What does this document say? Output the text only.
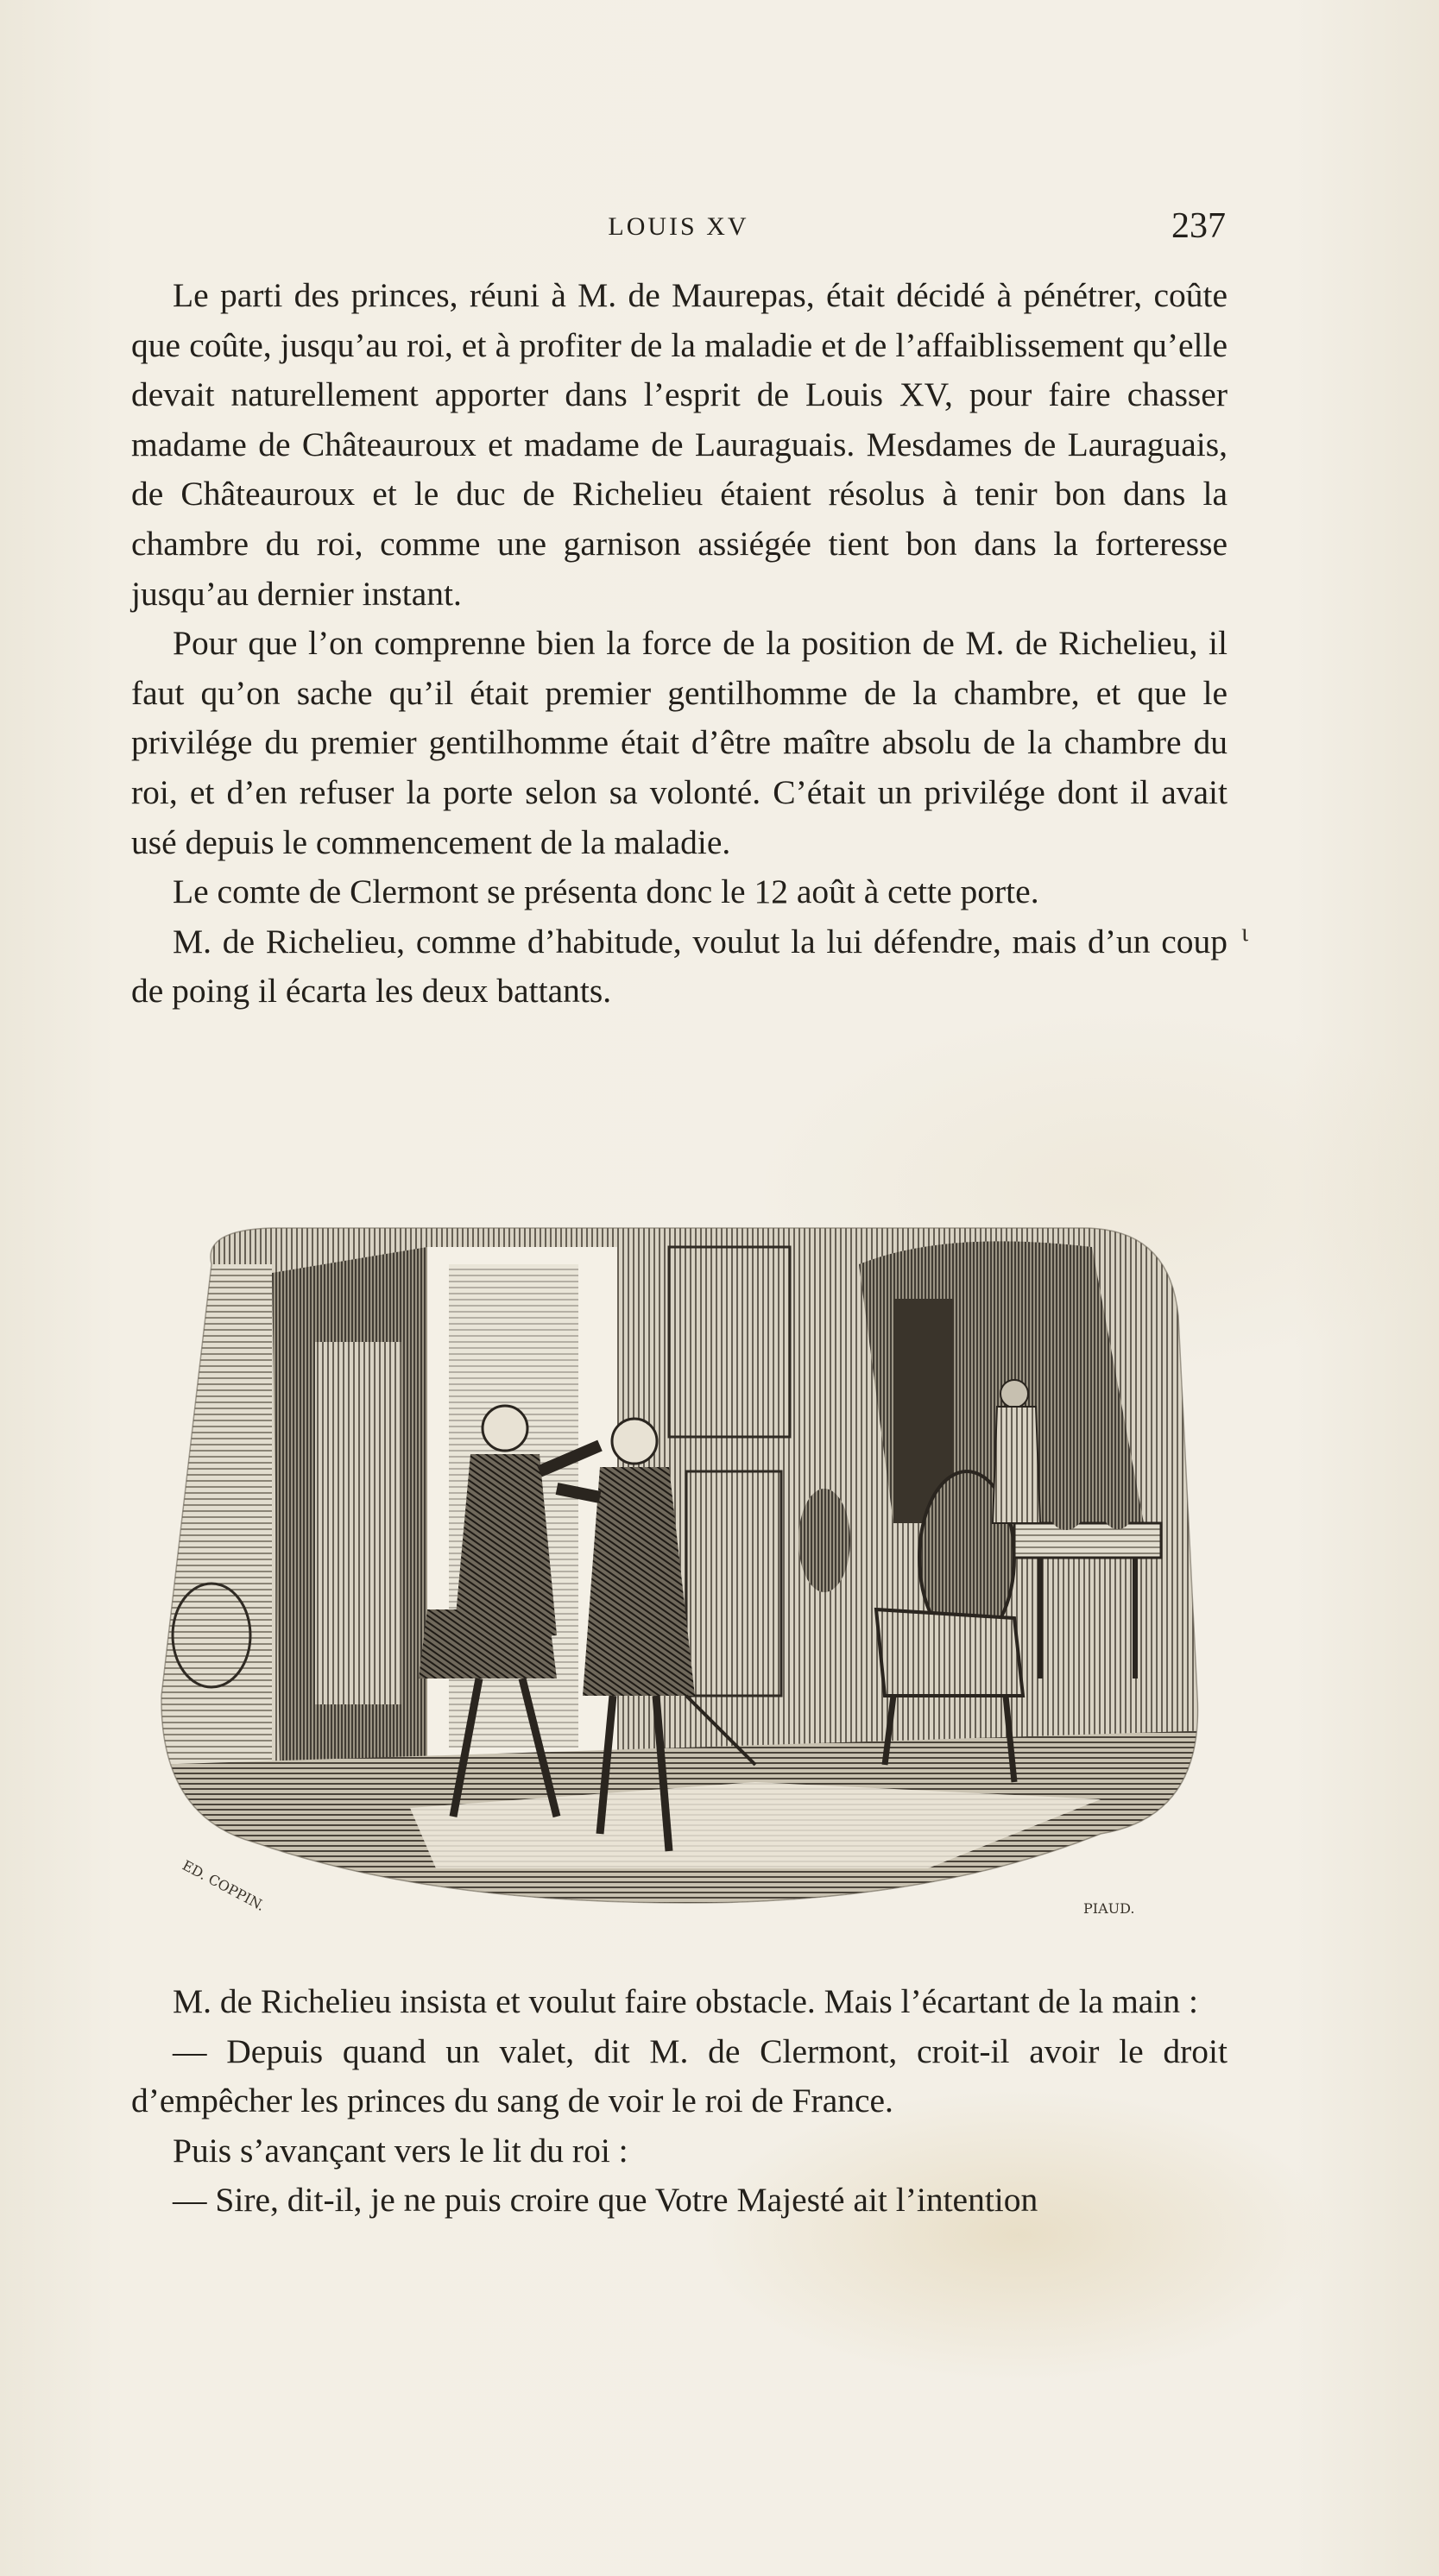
LOUIS XV	237

Le parti des princes, réuni à M. de Maurepas, était décidé à pénétrer, coûte que coûte, jusqu’au roi, et à profiter de la maladie et de l’affaiblissement qu’elle devait naturellement apporter dans l’esprit de Louis XV, pour faire chasser madame de Châteauroux et madame de Lauraguais. Mesdames de Lauraguais, de Châteauroux et le duc de Richelieu étaient résolus à tenir bon dans la chambre du roi, comme une garnison assiégée tient bon dans la forteresse jusqu’au dernier instant.

Pour que l’on comprenne bien la force de la position de M. de Richelieu, il faut qu’on sache qu’il était premier gentilhomme de la chambre, et que le privilége du premier gentilhomme était d’être maître absolu de la chambre du roi, et d’en refuser la porte selon sa volonté. C’était un privilége dont il avait usé depuis le commencement de la maladie.

Le comte de Clermont se présenta donc le 12 août à cette porte.

M. de Richelieu, comme d’habitude, voulut la lui défendre, mais d’un coup de poing il écarta les deux battants.

ι
ED. COPPIN.	PIAUD.

M. de Richelieu insista et voulut faire obstacle. Mais l’écartant de la main :

— Depuis quand un valet, dit M. de Clermont, croit-il avoir le droit d’empêcher les princes du sang de voir le roi de France.

Puis s’avançant vers le lit du roi :

— Sire, dit-il, je ne puis croire que Votre Majesté ait l’intention
